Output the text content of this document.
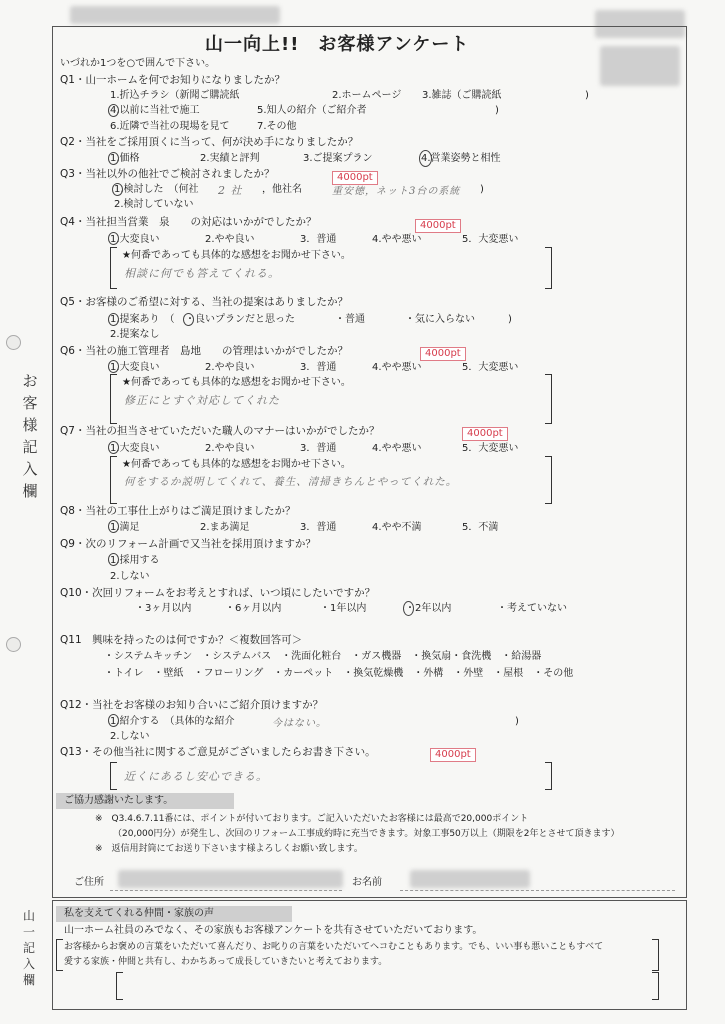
お客様記入欄
山一記入欄
山一向上!!　お客様アンケート
いづれか1つを○で囲んで下さい。
Q1・山一ホームを何でお知りになりましたか？
1.折込チラシ（新聞ご購読紙	2.ホームページ 3.雑誌（ご購読紙	)
4.以前に当社で施工	5.知人の紹介（ご紹介者	)
6.近隣で当社の現場を見て	7.その他
Q2・当社をご採用頂くに当って、何が決め手になりましたか？
1.価格	2.実績と評判	3.ご提案プラン	4.営業姿勢と相性
Q3・当社以外の他社でご検討されましたか？	4000pt
1.検討した　（何社 2 社 ，他社名	重安徳，ネット3台の系統 )
2.検討していない
Q4・当社担当営業　泉　　の対応はいかがでしたか？	4000pt
1.大変良い	2.やや良い	3．普通	4.やや悪い	5．大変悪い
★何番であっても具体的な感想をお聞かせ下さい。
相談に何でも答えてくれる。
Q5・お客様のご希望に対する、当社の提案はありましたか？
1.提案あり　（ ・良いプランだと思った	・普通	・気に入らない	)
2.提案なし
Q6・当社の施工管理者　島地　　の管理はいかがでしたか？	4000pt
1.大変良い	2.やや良い	3．普通	4.やや悪い	5．大変悪い
★何番であっても具体的な感想をお聞かせ下さい。
修正にとすぐ対応してくれた
Q7・当社の担当させていただいた職人のマナーはいかがでしたか？	4000pt
1.大変良い	2.やや良い	3．普通	4.やや悪い	5．大変悪い
★何番であっても具体的な感想をお聞かせ下さい。
何をするか説明してくれて、養生、清掃きちんとやってくれた。
Q8・当社の工事仕上がりはご満足頂けましたか？
1.満足	2.まあ満足	3．普通	4.やや不満	5．不満
Q9・次のリフォーム計画で又当社を採用頂けますか？
1.採用する
2.しない
Q10・次回リフォームをお考えとすれば、いつ頃にしたいですか？
・3ヶ月以内	・6ヶ月以内	・1年以内	・2年以内	・考えていない
Q11　興味を持ったのは何ですか？＜複数回答可＞
・システムキッチン　・システムバス　・洗面化粧台　・ガス機器　・換気扇・食洗機　・給湯器
・トイレ　・壁紙　・フローリング　・カーペット　・換気乾燥機　・外構　・外壁　・屋根　・その他
Q12・当社をお客様のお知り合いにご紹介頂けますか？
1.紹介する　（具体的な紹介	今はない。	)
2.しない
Q13・その他当社に関するご意見がございましたらお書き下さい。	4000pt
近くにあるし安心できる。
ご協力感謝いたします。
※　Q3.4.6.7.11番には、ポイントが付いております。ご記入いただいたお客様には最高で20,000ポイント
（20,000円分）が発生し、次回のリフォーム工事成約時に充当できます。対象工事50万以上（期限を2年とさせて頂きます）
※　返信用封筒にてお送り下さいます様よろしくお願い致します。
ご住所	お名前
私を支えてくれる仲間・家族の声
山一ホーム社員のみでなく、その家族もお客様アンケートを共有させていただいております。
お客様からお褒めの言葉をいただいて喜んだり、お叱りの言葉をいただいてヘコむこともあります。でも、いい事も悪いこともすべて
愛する家族・仲間と共有し、わかちあって成長していきたいと考えております。
